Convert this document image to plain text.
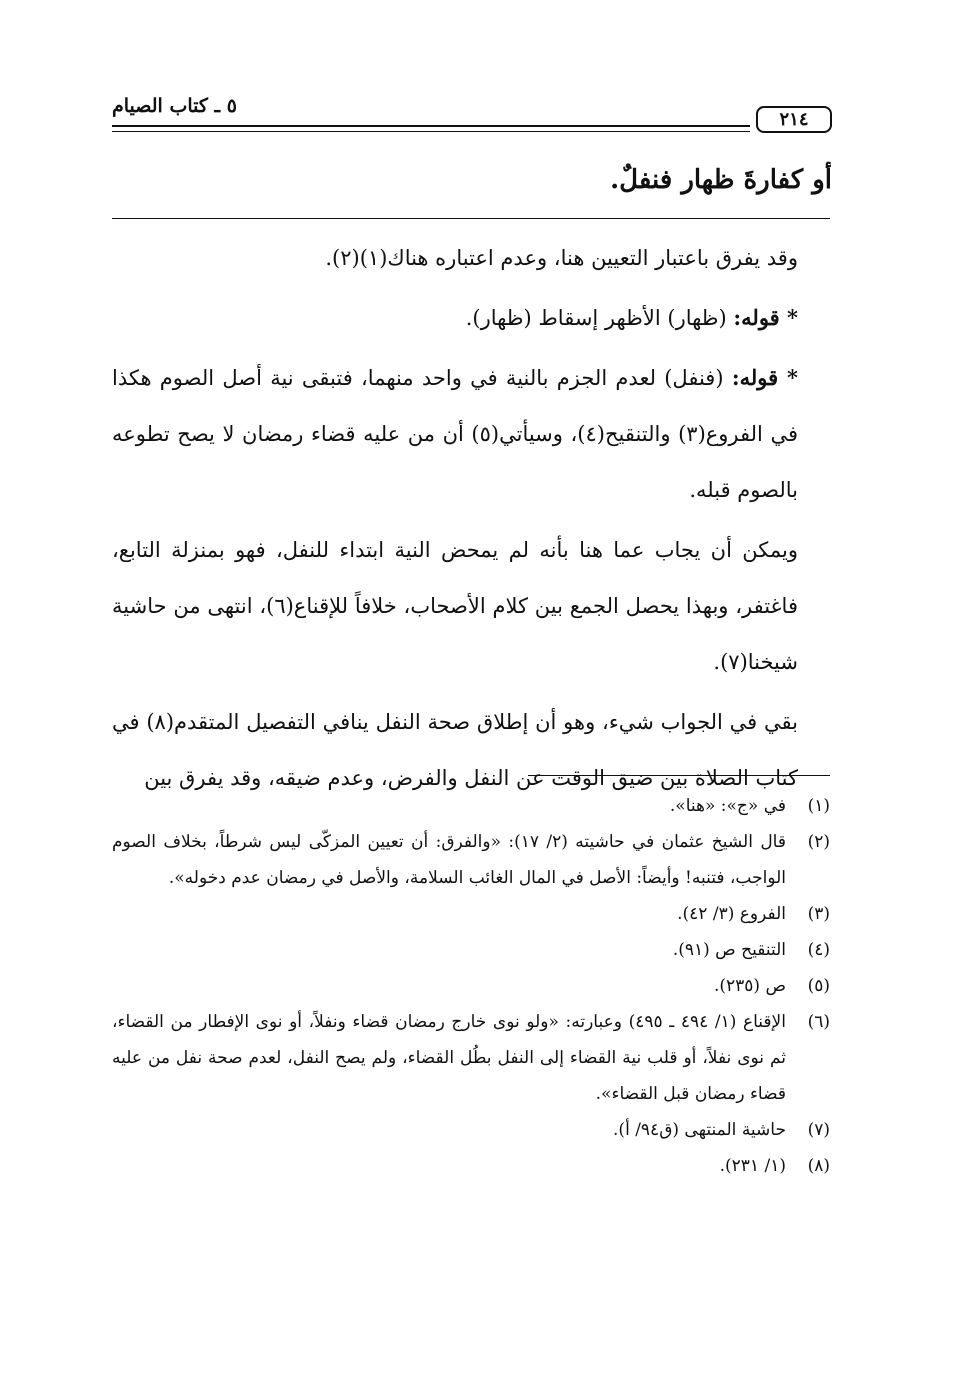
٥ ـ كتاب الصيام
٢١٤
أو كفارةَ ظهار فنفلٌ.

وقد يفرق باعتبار التعيين هنا، وعدم اعتباره هناك(١)(٢).

* قوله: (ظهار) الأظهر إسقاط (ظهار).

* قوله: (فنفل) لعدم الجزم بالنية في واحد منهما، فتبقى نية أصل الصوم هكذا في الفروع(٣) والتنقيح(٤)، وسيأتي(٥) أن من عليه قضاء رمضان لا يصح تطوعه بالصوم قبله.

ويمكن أن يجاب عما هنا بأنه لم يمحض النية ابتداء للنفل، فهو بمنزلة التابع، فاغتفر، وبهذا يحصل الجمع بين كلام الأصحاب، خلافاً للإقناع(٦)، انتهى من حاشية شيخنا(٧).

بقي في الجواب شيء، وهو أن إطلاق صحة النفل ينافي التفصيل المتقدم(٨) في كتاب الصلاة بين ضيق الوقت عن النفل والفرض، وعدم ضيقه، وقد يفرق بين

(١)
في «ج»: «هنا».
(٢)
قال الشيخ عثمان في حاشيته (٢/ ١٧): «والفرق: أن تعيين المزكّى ليس شرطاً، بخلاف الصوم الواجب، فتنبه! وأيضاً: الأصل في المال الغائب السلامة، والأصل في رمضان عدم دخوله».
(٣)
الفروع (٣/ ٤٢).
(٤)
التنقيح ص (٩١).
(٥)
ص (٢٣٥).
(٦)
الإقناع (١/ ٤٩٤ ـ ٤٩٥) وعبارته: «ولو نوى خارج رمضان قضاء ونفلاً، أو نوى الإفطار من القضاء، ثم نوى نفلاً، أو قلب نية القضاء إلى النفل بطُل القضاء، ولم يصح النفل، لعدم صحة نفل من عليه قضاء رمضان قبل القضاء».
(٧)
حاشية المنتهى (ق٩٤/ أ).
(٨)
(١/ ٢٣١).
